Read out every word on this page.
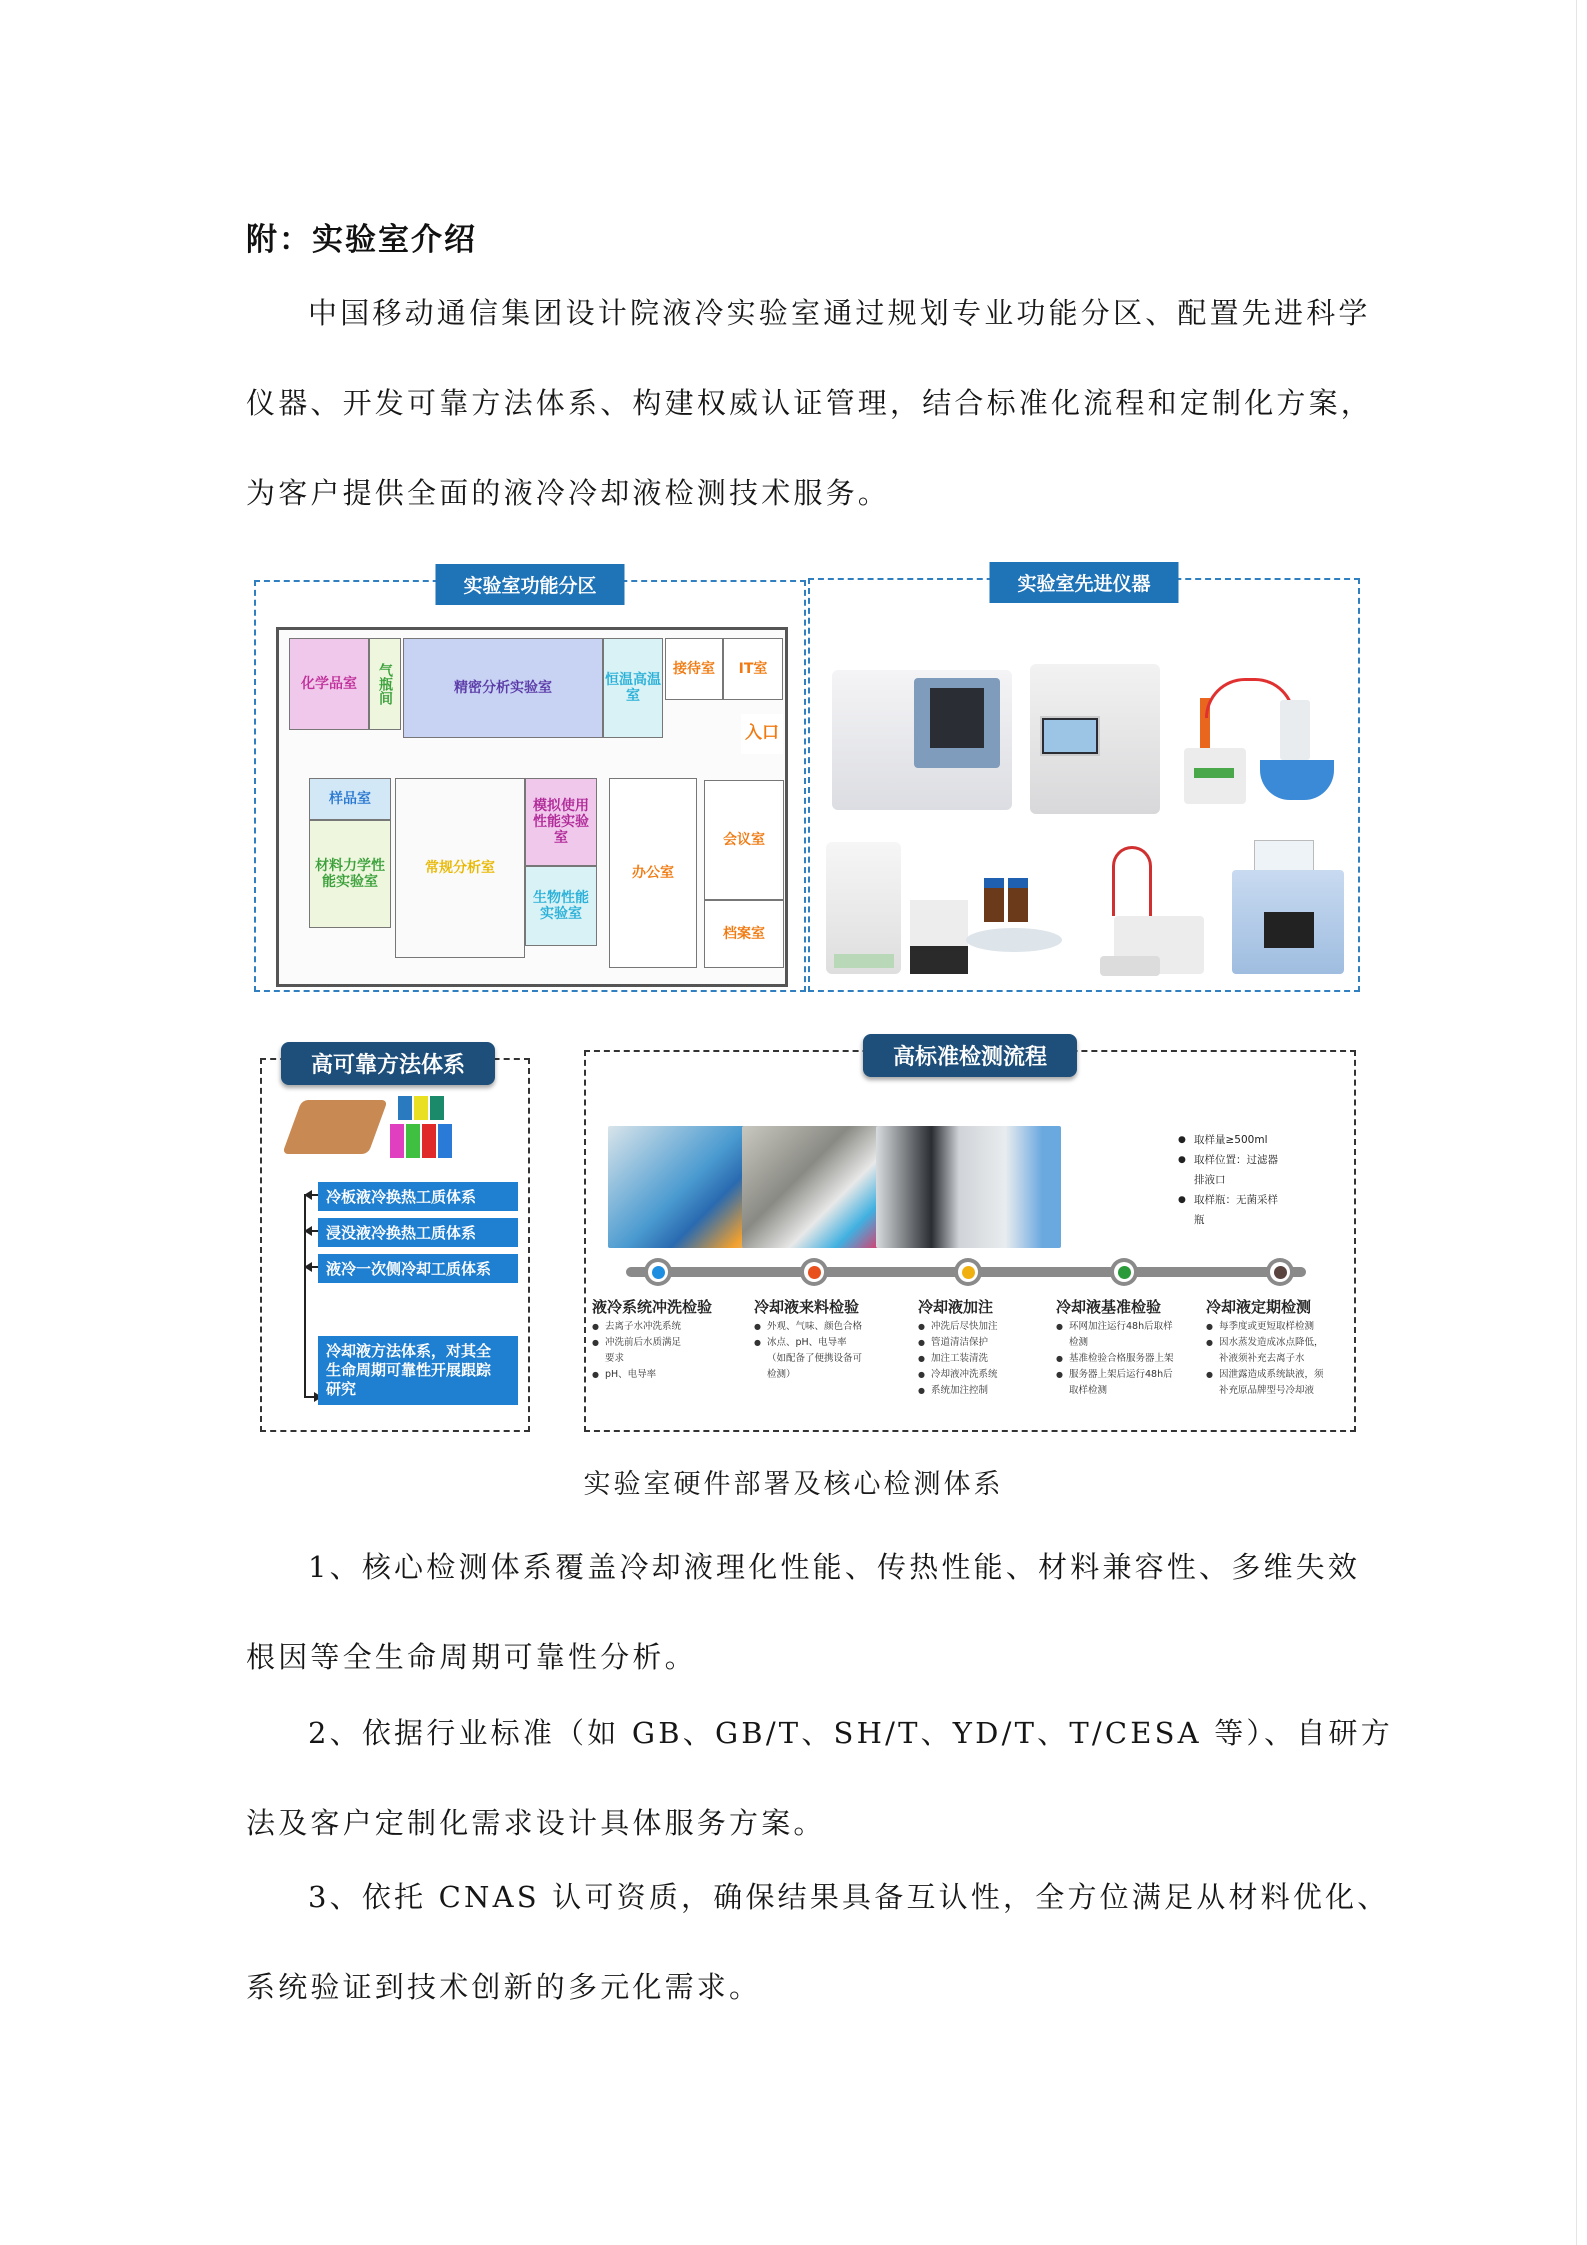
附：实验室介绍
中国移动通信集团设计院液冷实验室通过规划专业功能分区、配置先进科学
仪器、开发可靠方法体系、构建权威认证管理，结合标准化流程和定制化方案，
为客户提供全面的液冷冷却液检测技术服务。
实验室功能分区
化学品室 气瓶间	精密分析实验室
恒温高温室
接待室 IT室
入口
样品室
常规分析室
模拟使用性能实验室
材料力学性能实验室
生物性能实验室
办公室
会议室
档案室
实验室先进仪器
高可靠方法体系
冷板液冷换热工质体系
浸没液冷换热工质体系
液冷一次侧冷却工质体系
冷却液方法体系，对其全
生命周期可靠性开展跟踪
研究
高标准检测流程
● 取样量≥500ml
● 取样位置：过滤器
排液口
● 取样瓶：无菌采样
瓶
液冷系统冲洗检验
● 去离子水冲洗系统
● 冲洗前后水质满足
要求
● pH、电导率
冷却液来料检验
● 外观、气味、颜色合格
● 冰点、pH、电导率
（如配备了便携设备可
检测）
冷却液加注
● 冲洗后尽快加注
● 管道清洁保护
● 加注工装清洗
● 冷却液冲洗系统
● 系统加注控制
冷却液基准检验
● 环网加注运行48h后取样
检测
● 基准检验合格服务器上架
● 服务器上架后运行48h后
取样检测
冷却液定期检测
● 每季度或更短取样检测
● 因水蒸发造成冰点降低，
补液须补充去离子水
● 因泄露造成系统缺液，须
补充原品牌型号冷却液
实验室硬件部署及核心检测体系
1、核心检测体系覆盖冷却液理化性能、传热性能、材料兼容性、多维失效
根因等全生命周期可靠性分析。
2、依据行业标准（如 GB、GB/T、SH/T、YD/T、T/CESA 等）、自研方
法及客户定制化需求设计具体服务方案。
3、依托 CNAS 认可资质，确保结果具备互认性，全方位满足从材料优化、
系统验证到技术创新的多元化需求。
